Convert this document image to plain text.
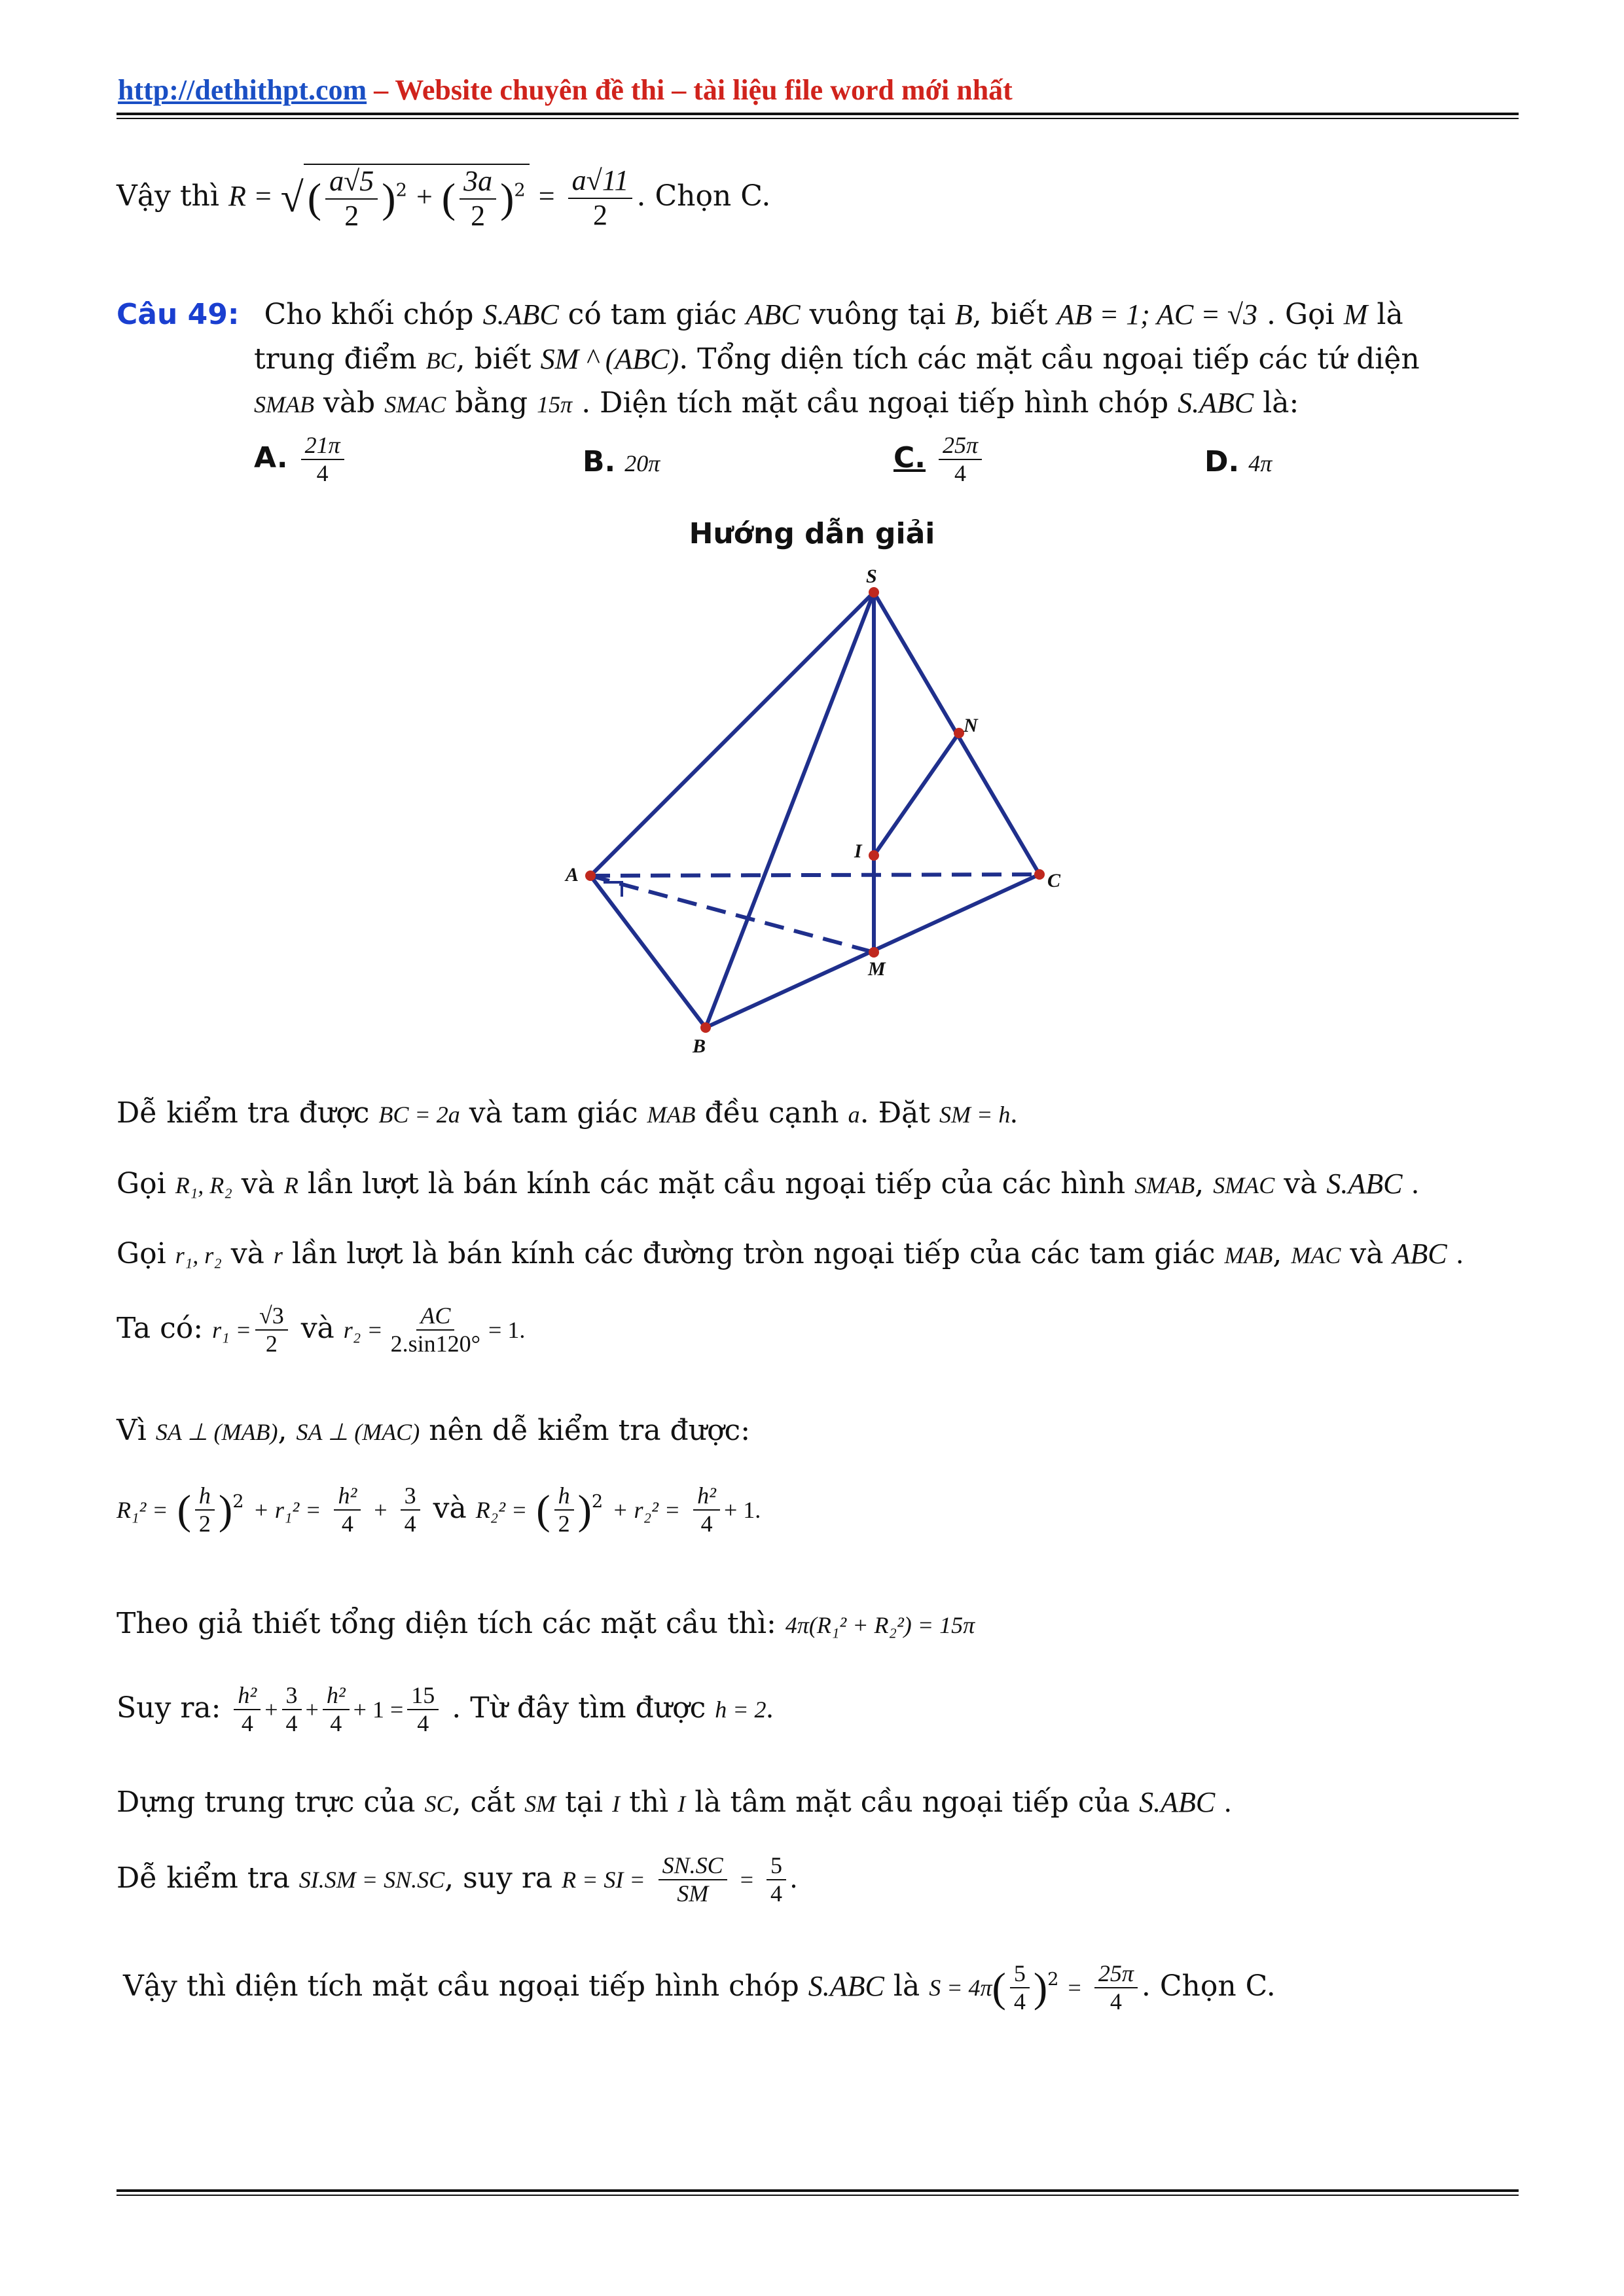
http://dethithpt.com – Website chuyên đề thi – tài liệu file word mới nhất
Vậy thì R = √( $\frac{a√5}{2} )^2$ + ( $\frac{3a}{2} )^2 = \frac{a√11}{2}$ . Chọn C.
Câu 49: Cho khối chóp S.ABC có tam giác ABC vuông tại B, biết AB = 1; AC = √3 . Gọi M là
trung điểm BC, biết SM ^ (ABC). Tổng diện tích các mặt cầu ngoại tiếp các tứ diện
SMAB vàb SMAC bằng 15π . Diện tích mặt cầu ngoại tiếp hình chóp S.ABC là:
A. $\frac{21\pi}{4}$	B. 20π	C. $\frac{25\pi}{4}$	D. 4π
Hướng dẫn giải
S
N
I
A	C
M
B
Dễ kiểm tra được BC = 2a và tam giác MAB đều cạnh a. Đặt SM = h.
Gọi R₁, R₂ và R lần lượt là bán kính các mặt cầu ngoại tiếp của các hình SMAB, SMAC và S.ABC .
Gọi r₁, r₂ và r lần lượt là bán kính các đường tròn ngoại tiếp của các tam giác MAB, MAC và ABC .
Ta có: $r_1 = \frac{√3}{2}$ và $r_2 = \frac{AC}{2.\sin 120^\circ} = 1$.
Vì SA ⊥ (MAB), SA ⊥ (MAC) nên dễ kiểm tra được:
R₁² = ( $\frac{h}{2} )^2 + r_1^2 = \frac{\text{h²}}{4} + \frac{3}{4}$ và R₂² = ( $\frac{h}{2} )^2 + r_2^2 = \frac{\text{h²}}{4} + 1$.
Theo giả thiết tổng diện tích các mặt cầu thì: 4π(R₁² + R₂²) = 15π
Suy ra: $\frac{\text{h²}}{4} + \frac{3}{4} + \frac{\text{h²}}{4} + 1 = \frac{15}{4}$ . Từ đây tìm được h = 2.
Dựng trung trực của SC, cắt SM tại I thì I là tâm mặt cầu ngoại tiếp của S.ABC .
Dễ kiểm tra SI.SM = SN.SC, suy ra R = SI = $\frac{SN.SC}{SM} = \frac{5}{4}$ .
Vậy thì diện tích mặt cầu ngoại tiếp hình chóp S.ABC là $S = 4\pi( \frac{5}{4} )^2 = \frac{25\pi}{4}$ . Chọn C.
